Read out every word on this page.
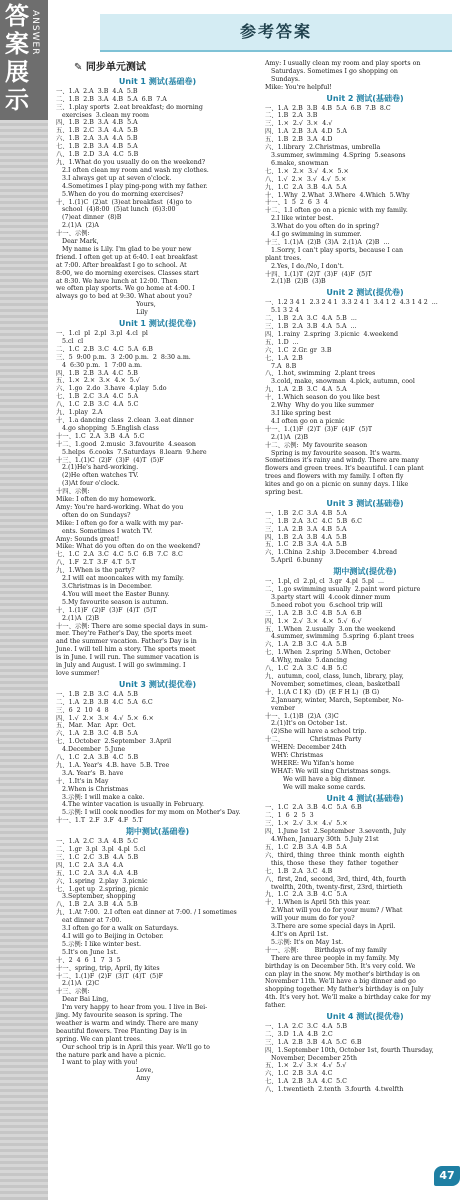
答案展示
ANSWER	参考答案
✎ 同步单元测试
Unit 1 测试(基础卷)
一、1.A  2.A  3.B  4.A  5.B
二、1.B  2.B  3.A  4.B  5.A  6.B  7.A
三、1.play sports  2.eat breakfast; do morning
exercises  3.clean my room
四、1.B  2.B  3.A  4.B  5.A
五、1.B  2.C  3.A  4.A  5.B
六、1.B  2.A  3.A  4.A  5.B
七、1.B  2.B  3.A  4.B  5.A
八、1.B  2.D  3.A  4.C  5.B
九、1.What do you usually do on the weekend?
2.I often clean my room and wash my clothes.
3.I always get up at seven o'clock.
4.Sometimes I play ping-pong with my father.
5.When do you do morning exercises?
十、1.(1)C  (2)at  (3)eat breakfast  (4)go to
school  (4)8:00  (5)at lunch  (6)3:00
(7)eat dinner  (8)B
2.(1)A  (2)A
十一、示例:
Dear Mark,
My name is Lily. I'm glad to be your new
friend. I often get up at 6:40. I eat breakfast
at 7:00. After breakfast I go to school. At
8:00, we do morning exercises. Classes start
at 8:30. We have lunch at 12:00. Then
we often play sports. We go home at 4:00. I
always go to bed at 9:30. What about you?
Yours,
Lily
Unit 1 测试(提优卷)
一、1.cl  pl  2.pl  3.pl  4.cl  pl
5.cl  cl
二、1.C  2.B  3.C  4.C  5.A  6.B
三、5  9:00 p.m.  3  2:00 p.m.  2  8:30 a.m.
4  6:30 p.m.  1  7:00 a.m.
四、1.B  2.B  3.A  4.C  5.B
五、1.×  2.×  3.×  4.×  5.√
六、1.go  2.do  3.have  4.play  5.do
七、1.B  2.C  3.A  4.C  5.A
八、1.C  2.B  3.C  4.A  5.C
九、1.play  2.A
十、1.a dancing class  2.clean  3.eat dinner
4.go shopping  5.English class
十一、1.C  2.A  3.B  4.A  5.C
十二、1.good  2.music  3.favourite  4.season
5.helps  6.cooks  7.Saturdays  8.learn  9.here
十三、1.(1)C  (2)F  (3)F  (4)T  (5)F
2.(1)He's hard-working.
(2)He often watches TV.
(3)At four o'clock.
十四、示例:
Mike: I often do my homework.
Amy: You're hard-working. What do you
often do on Sundays?
Mike: I often go for a walk with my par-
ents. Sometimes I watch TV.
Amy: Sounds great!
Mike: What do you often do on the weekend?
七、1.C  2.A  3.C  4.C  5.C  6.B  7.C  8.C
八、1.F  2.T  3.F  4.T  5.T
九、1.When is the party?
2.I will eat mooncakes with my family.
3.Christmas is in December.
4.You will meet the Easter Bunny.
5.My favourite season is autumn.
十、1.(1)F  (2)F  (3)F  (4)T  (5)T
2.(1)A  (2)B
十一、示例: There are some special days in sum-
mer. They're Father's Day, the sports meet
and the summer vacation. Father's Day is in
June. I will tell him a story. The sports meet
is in June. I will run. The summer vacation is
in July and August. I will go swimming. I
love summer!
Unit 3 测试(提优卷)
一、1.B  2.B  3.C  4.A  5.B
二、1.A  2.B  3.B  4.C  5.A  6.C
三、6  2  10  4  8
四、1.√  2.×  3.×  4.√  5.×  6.×
五、Mar.  Mar.  Apr.  Oct.
六、1.A  2.B  3.C  4.B  5.A
七、1.October  2.September  3.April
4.December  5.June
八、1.C  2.A  3.B  4.C  5.B
九、1.A. Year's  4.B. have  5.B. Tree
3.A. Year's  B. have
十、1.It's in May
2.When is Christmas
3.示例: I will make a cake.
4.The winter vacation is usually in February.
5.示例: I will cook noodles for my mom on Mother's Day.
十一、1.T  2.F  3.F  4.F  5.T
期中测试(基础卷)
一、1.A  2.C  3.A  4.B  5.C
二、1.gr  3.pl  3.pl  4.pl  5.cl
三、1.C  2.C  3.B  4.A  5.B
四、1.C  2.A  3.A  4.A
五、1.C  2.A  3.A  4.A  4.B
六、1.spring  2.play  3.picnic
七、1.get up  2.spring, picnic
3.September, shopping
八、1.B  2.A  3.B  4.A  5.B
九、1.At 7:00.  2.I often eat dinner at 7:00. / I sometimes
eat dinner at 7:00.
3.I often go for a walk on Saturdays.
4.I will go to Beijing in October.
5.示例: I like winter best.
5.It's on June 1st.
十、2  4  6  1  7  3  5
十一、spring, trip, April, fly kites
十二、1.(1)F  (2)F  (3)T  (4)T  (5)F
2.(1)A  (2)C
十三、示例:
Dear Bai Ling,
I'm very happy to hear from you. I live in Bei-
jing. My favourite season is spring. The
weather is warm and windy. There are many
beautiful flowers. Tree Planting Day is in
spring. We can plant trees.
Our school trip is in April this year. We'll go to
the nature park and have a picnic.
I want to play with you!
Love,
Amy
Amy: I usually clean my room and play sports on
Saturdays. Sometimes I go shopping on
Sundays.
Mike: You're helpful!
Unit 2 测试(基础卷)
一、1.A  2.B  3.B  4.B  5.A  6.B  7.B  8.C
二、1.B  2.A  3.B
三、1.×  2.√  3.×  4.√
四、1.A  2.B  3.A  4.D  5.A
五、1.B  2.B  3.A  4.D
六、1.library  2.Christmas, umbrella
3.summer, swimming  4.Spring  5.seasons
6.make, snowman
七、1.×  2.×  3.√  4.×  5.×
八、1.√  2.×  3.√  4.√  5.×
九、1.C  2.A  3.B  4.A  5.A
十、1.Why  2.What  3.Where  4.Which  5.Why
十一、1  5  2  6  3  4
十二、1.I often go on a picnic with my family.
2.I like winter best.
3.What do you often do in spring?
4.I go swimming in summer.
十三、1.(1)A  (2)B  (3)A  2.(1)A  (2)B  ...
1.Sorry, I can't play sports, because I can
plant trees.
2.Yes, I do./No, I don't.
十四、1.(1)T  (2)T  (3)F  (4)F  (5)T
2.(1)B  (2)B  (3)B
Unit 2 测试(提优卷)
一、1.2 3 4 1  2.3 2 4 1  3.3 2 4 1  3.4 1 2  4.3 1 4 2  ...
5.1 3 2 4
二、1.B  2.A  3.C  4.A  5.B  ...
三、1.B  2.A  3.B  4.A  5.A  ...
四、1.rainy  2.spring  3.picnic  4.weekend
五、1.D  ...
六、1.C  2.Gr. gr  3.B
七、1.A  2.B
7.A  8.B
八、1.hot, swimming  2.plant trees
3.cold, make, snowman  4.pick, autumn, cool
九、1.A  2.B  3.C  4.A  5.A
十、1.Which season do you like best
2.Why  Why do you like summer
3.I like spring best
4.I often go on a picnic
十一、1.(1)F  (2)T  (3)F  (4)F  (5)T
2.(1)A  (2)B
十二、示例:  My favourite season
Spring is my favourite season. It's warm.
Sometimes it's rainy and windy. There are many
flowers and green trees. It's beautiful. I can plant
trees and flowers with my family. I often fly
kites and go on a picnic on sunny days. I like
spring best.
Unit 3 测试(基础卷)
一、1.B  2.C  3.A  4.B  5.A
二、1.B  2.A  3.C  4.C  5.B  6.C
三、1.A  2.B  3.A  4.B  5.A
四、1.B  2.A  3.B  4.A  5.B
五、1.C  2.B  3.A  4.A  5.B
六、1.China  2.ship  3.December  4.bread
5.April  6.bunny
期中测试(提优卷)
一、1.pl, cl  2.pl, cl  3.gr  4.pl  5.pl  ...
二、1.go swimming usually  2.paint word picture
3.party start will  4.cook dinner mum
5.need robot you  6.school trip will
三、1.A  2.B  3.C  4.B  5.A  6.B
四、1.×  2.√  3.×  4.×  5.√  6.√
五、1.When  2.usually  3.on the weekend
4.summer, swimming  5.spring  6.plant trees
六、1.A  2.B  3.C  4.A  5.B
七、1.When  2.spring  5.When, October
4.Why, make  5.dancing
八、1.C  2.A  3.C  4.B  5.C
九、autumn, cool, class, lunch, library, play,
November, sometimes, clean, basketball
十、1.(A C I K)  (D)  (E F H L)  (B G)
2.January, winter, March, September, No-
vember
十一、1.(1)B  (2)A  (3)C
2.(1)It's on October 1st.
(2)She will have a school trip.
十二、             Christmas Party
WHEN: December 24th
WHY: Christmas
WHERE: Wu Yifan's home
WHAT: We will sing Christmas songs.
We will have a big dinner.
We will make some cards.
Unit 4 测试(基础卷)
一、1.C  2.A  3.B  4.C  5.A  6.B
二、1  6  2  5  3
三、1.×  2.√  3.×  4.√  5.×
四、1.June 1st  2.September  3.seventh, July
4.When, January 30th  5.July 21st
五、1.C  2.B  3.A  4.B  5.A
六、third, thing  three  think  month  eighth
this, those  these  they  father  together
七、1.B  2.A  3.C  4.B
八、first, 2nd, second, 3rd, third, 4th, fourth
twelfth, 20th, twenty-first, 23rd, thirtieth
九、1.C  2.A  3.B  4.C  5.A
十、1.When is April 5th this year.
2.What will you do for your mum? / What
will your mum do for you?
3.There are some special days in April.
4.It's on April 1st.
5.示例: It's on May 1st.
十一、示例:        Birthdays of my family
There are three people in my family. My
birthday is on December 5th. It's very cold. We
can play in the snow. My mother's birthday is on
November 11th. We'll have a big dinner and go
shopping together. My father's birthday is on July
4th. It's very hot. We'll make a birthday cake for my
father.
Unit 4 测试(提优卷)
一、1.A  2.C  3.C  4.A  5.B
二、3.D  1.A  4.B  2.C
三、1.A  2.B  3.B  4.A  5.C  6.B
四、1.September 10th, October 1st, fourth Thursday,
November, December 25th
五、1.×  2.√  3.×  4.√  5.√
六、1.C  2.B  3.A  4.C
七、1.A  2.B  3.A  4.C  5.C
八、1.twentieth  2.tenth  3.fourth  4.twelfth
47
